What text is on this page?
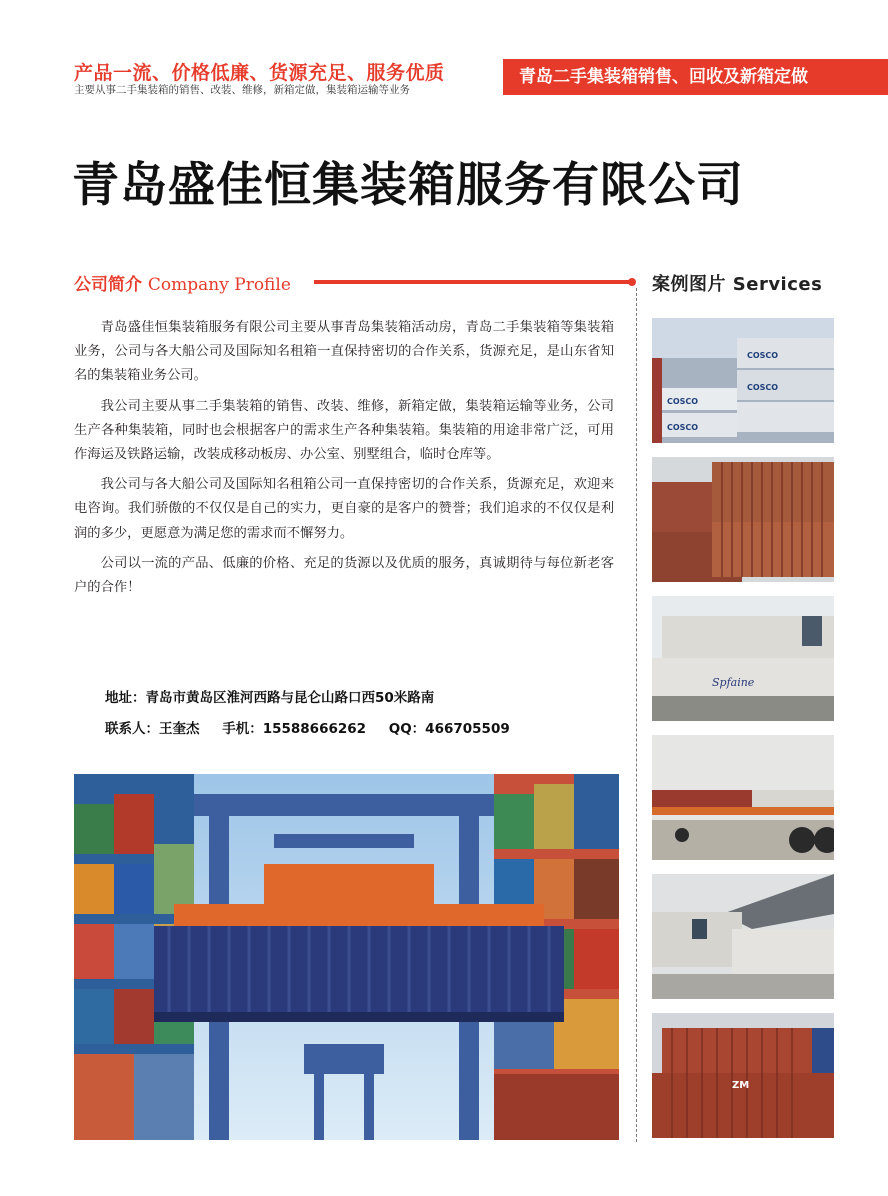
产品一流、价格低廉、货源充足、服务优质
主要从事二手集装箱的销售、改装、维修，新箱定做，集装箱运输等业务
青岛二手集装箱销售、回收及新箱定做
青岛盛佳恒集装箱服务有限公司
公司简介 Company Profile	案例图片 Services

青岛盛佳恒集装箱服务有限公司主要从事青岛集装箱活动房，青岛二手集装箱等集装箱业务，公司与各大船公司及国际知名租箱一直保持密切的合作关系，货源充足，是山东省知名的集装箱业务公司。

我公司主要从事二手集装箱的销售、改装、维修，新箱定做，集装箱运输等业务，公司生产各种集装箱，同时也会根据客户的需求生产各种集装箱。集装箱的用途非常广泛，可用作海运及铁路运输，改装成移动板房、办公室、别墅组合，临时仓库等。

我公司与各大船公司及国际知名租箱公司一直保持密切的合作关系，货源充足，欢迎来电咨询。我们骄傲的不仅仅是自己的实力，更自豪的是客户的赞誉；我们追求的不仅仅是利润的多少，更愿意为满足您的需求而不懈努力。

公司以一流的产品、低廉的价格、充足的货源以及优质的服务，真诚期待与每位新老客户的合作！

地址：青岛市黄岛区淮河西路与昆仑山路口西50米路南
联系人：王奎杰 手机：15588666262 QQ：466705509
COSCO
COSCO
COSCO
COSCO
Spfaine
ZM
